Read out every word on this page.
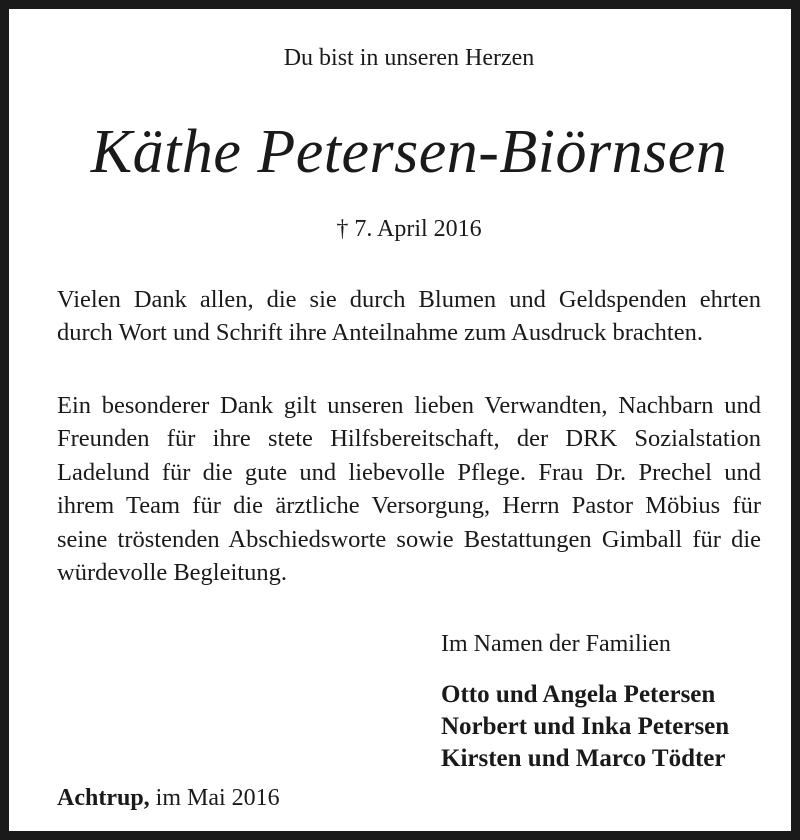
Du bist in unseren Herzen
Käthe Petersen-Biörnsen
† 7. April 2016
Vielen Dank allen, die sie durch Blumen und Geldspenden ehrten durch Wort und Schrift ihre Anteilnahme zum Ausdruck brachten.
Ein besonderer Dank gilt unseren lieben Verwandten, Nachbarn und Freunden für ihre stete Hilfsbereitschaft, der DRK Sozialstation Ladelund für die gute und liebevolle Pflege. Frau Dr. Prechel und ihrem Team für die ärztliche Versorgung, Herrn Pastor Möbius für seine tröstenden Abschiedsworte sowie Bestattungen Gimball für die würdevolle Begleitung.
Im Namen der Familien
Otto und Angela Petersen
Norbert und Inka Petersen
Kirsten und Marco Tödter
Achtrup, im Mai 2016
